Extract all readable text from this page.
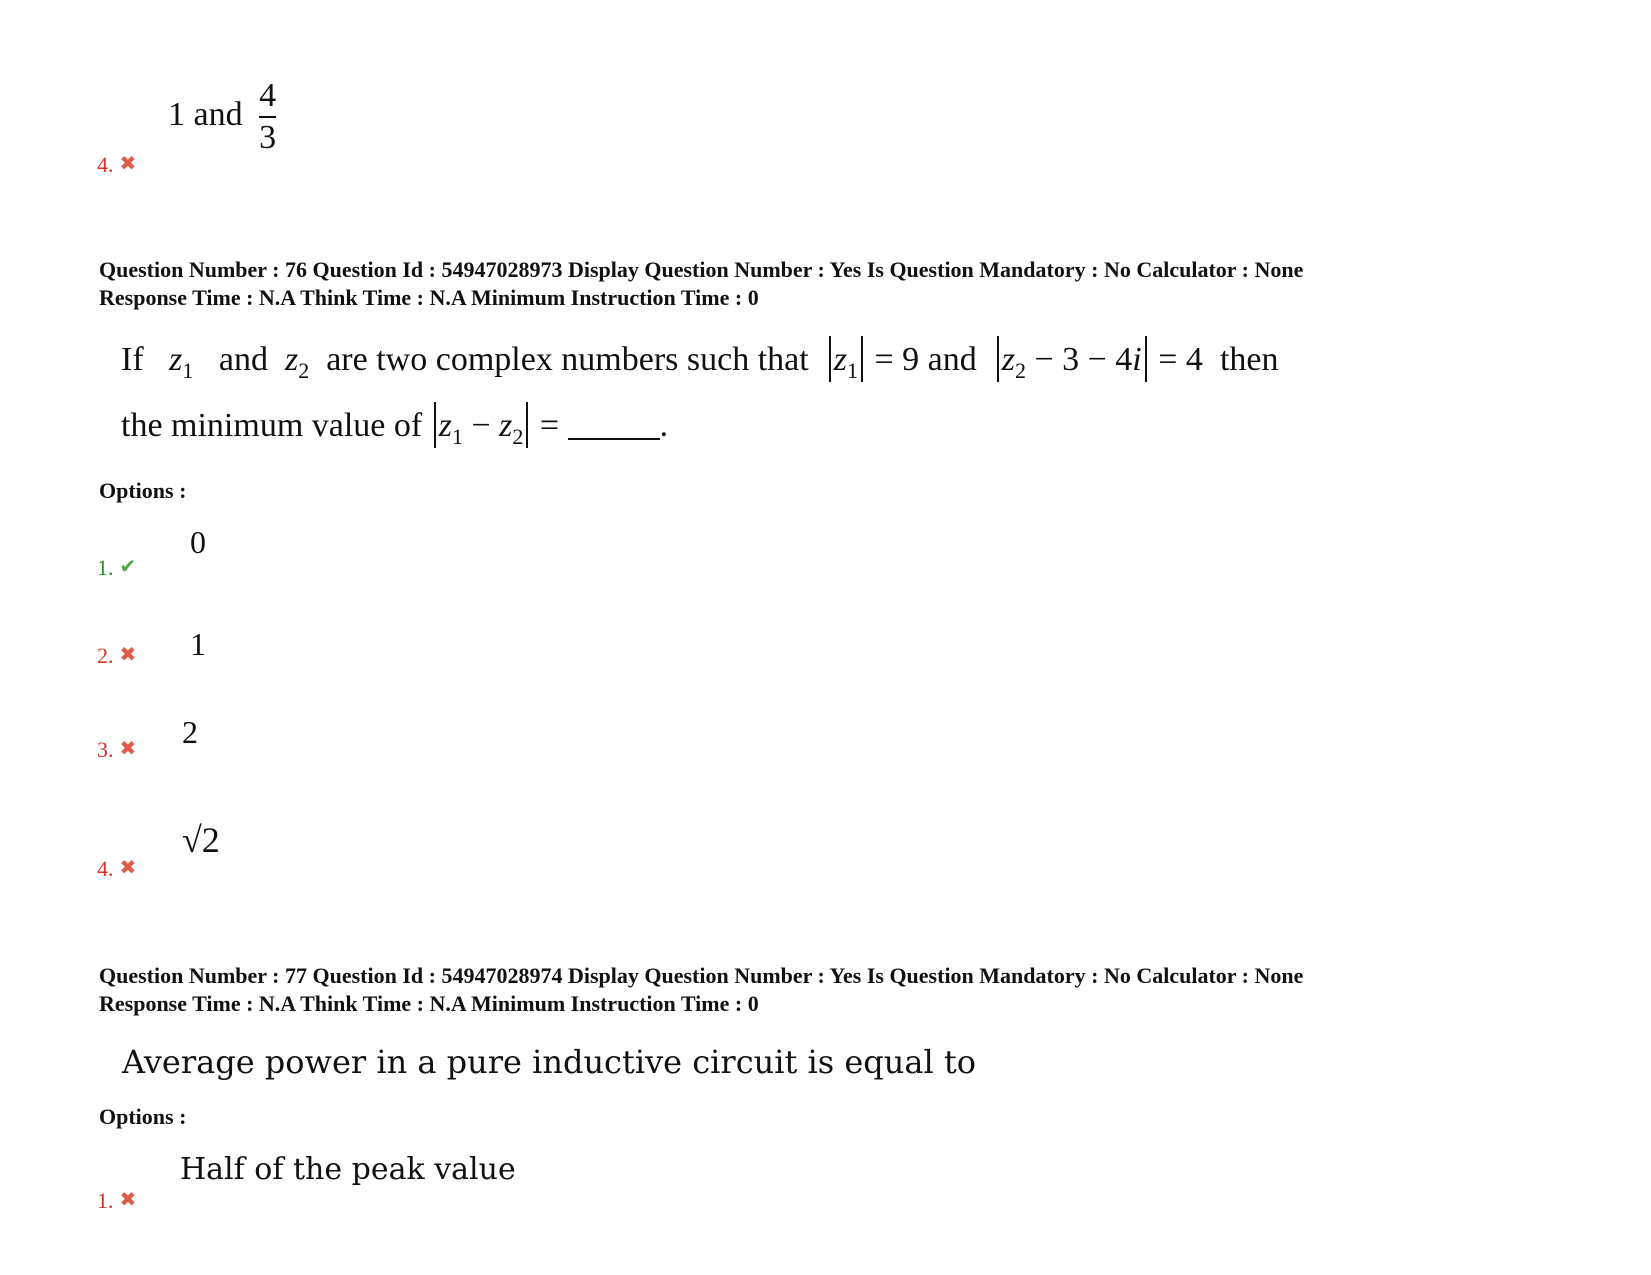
4. ✖
1 and $\frac{4}{3}$
Question Number : 76 Question Id : 54947028973 Display Question Number : Yes Is Question Mandatory : No Calculator : None
Response Time : N.A Think Time : N.A Minimum Instruction Time : 0
If $z_1$ and $z_2$ are two complex numbers such that $z_1 = 9$ and $z_2 - 3 - 4i = 4$ then
the minimum value of $z_1 - z_2$ =	.
Options :
1. ✔
0
2. ✖ 1
3. ✖ 2
4. ✖
√2
Question Number : 77 Question Id : 54947028974 Display Question Number : Yes Is Question Mandatory : No Calculator : None
Response Time : N.A Think Time : N.A Minimum Instruction Time : 0
Average power in a pure inductive circuit is equal to
Options :
1. ✖
Half of the peak value
